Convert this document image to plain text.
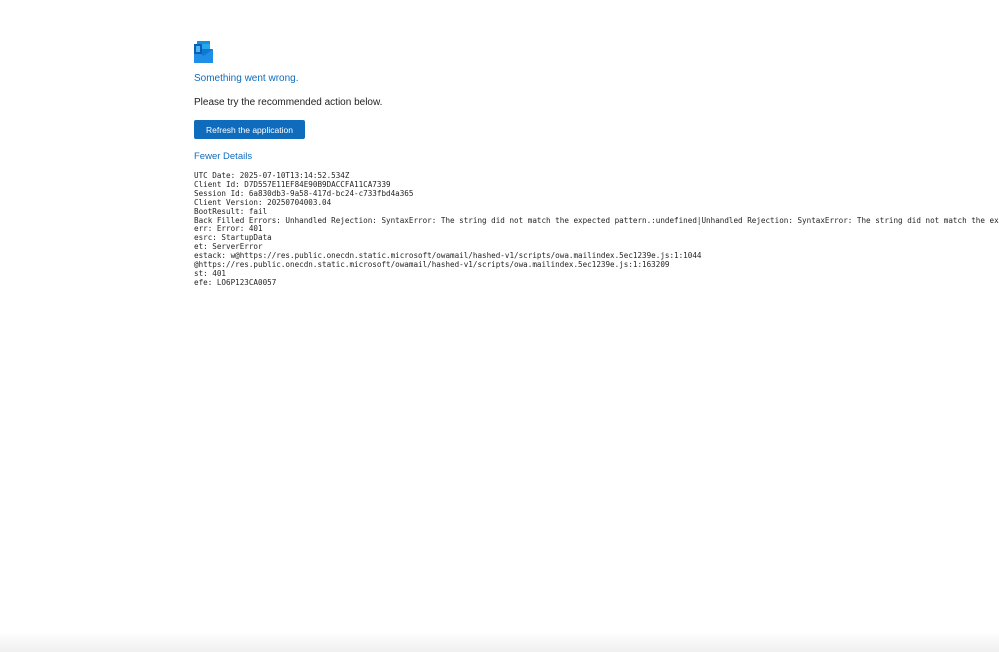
Something went wrong.

Please try the recommended action below.

Refresh the application
Fewer Details
UTC Date: 2025-07-10T13:14:52.534Z
Client Id: D7D557E11EF84E90B9DACCFA11CA7339
Session Id: 6a830db3-9a58-417d-bc24-c733fbd4a365
Client Version: 20250704003.04
BootResult: fail
Back Filled Errors: Unhandled Rejection: SyntaxError: The string did not match the expected pattern.:undefined|Unhandled Rejection: SyntaxError: The string did not match the ex
err: Error: 401
esrc: StartupData
et: ServerError
estack: w@https://res.public.onecdn.static.microsoft/owamail/hashed-v1/scripts/owa.mailindex.5ec1239e.js:1:1044
@https://res.public.onecdn.static.microsoft/owamail/hashed-v1/scripts/owa.mailindex.5ec1239e.js:1:163209
st: 401
efe: LO6P123CA0057
